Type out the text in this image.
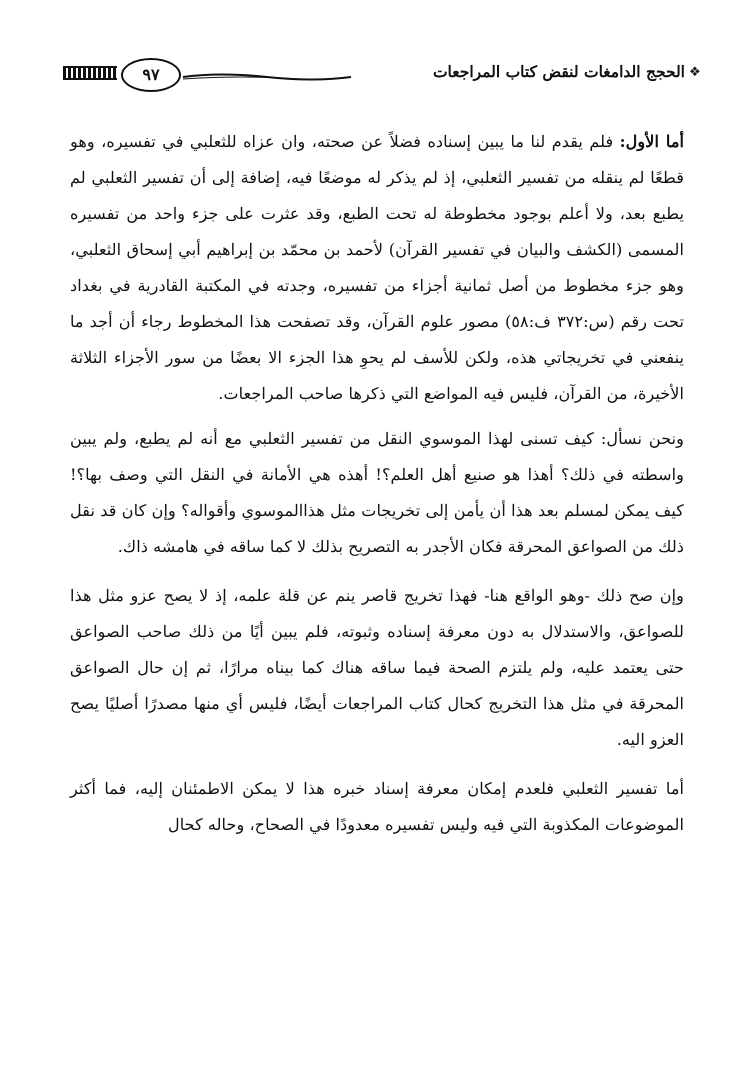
❖
الحجج الدامغات لنقض كتاب المراجعات
٩٧

أما الأول: فلم يقدم لنا ما يبين إسناده فضلاً عن صحته، وان عزاه للثعلبي في تفسيره، وهو قطعًا لم ينقله من تفسير الثعلبي، إذ لم يذكر له موضعًا فيه، إضافة إلى أن تفسير الثعلبي لم يطبع بعد، ولا أعلم بوجود مخطوطة له تحت الطبع، وقد عثرت على جزء واحد من تفسيره المسمى (الكشف والبيان في تفسير القرآن) لأحمد بن محمّد بن إبراهيم أبي إسحاق الثعلبي، وهو جزء مخطوط من أصل ثمانية أجزاء من تفسيره، وجدته في المكتبة القادرية في بغداد تحت رقم (س:٣٧٢ ف:٥٨) مصور علوم القرآن، وقد تصفحت هذا المخطوط رجاء أن أجد ما ينفعني في تخريجاتي هذه، ولكن للأسف لم يحوِ هذا الجزء الا بعضًا من سور الأجزاء الثلاثة الأخيرة، من القرآن، فليس فيه المواضع التي ذكرها صاحب المراجعات.

ونحن نسأل: كيف تسنى لهذا الموسوي النقل من تفسير الثعلبي مع أنه لم يطبع، ولم يبين واسطته في ذلك؟ أهذا هو صنيع أهل العلم؟! أهذه هي الأمانة في النقل التي وصف بها؟! كيف يمكن لمسلم بعد هذا أن يأمن إلى تخريجات مثل هذاالموسوي وأقواله؟ وإن كان قد نقل ذلك من الصواعق المحرقة فكان الأجدر به التصريح بذلك لا كما ساقه في هامشه ذاك.

وإن صح ذلك -وهو الواقع هنا- فهذا تخريج قاصر ينم عن قلة علمه، إذ لا يصح عزو مثل هذا للصواعق، والاستدلال به دون معرفة إسناده وثبوته، فلم يبين أيًا من ذلك صاحب الصواعق حتى يعتمد عليه، ولم يلتزم الصحة فيما ساقه هناك كما بيناه مرارًا، ثم إن حال الصواعق المحرقة في مثل هذا التخريج كحال كتاب المراجعات أيضًا، فليس أي منها مصدرًا أصليًا يصح العزو اليه.

أما تفسير الثعلبي فلعدم إمكان معرفة إسناد خبره هذا لا يمكن الاطمئنان إليه، فما أكثر الموضوعات المكذوبة التي فيه وليس تفسيره معدودًا في الصحاح، وحاله كحال
